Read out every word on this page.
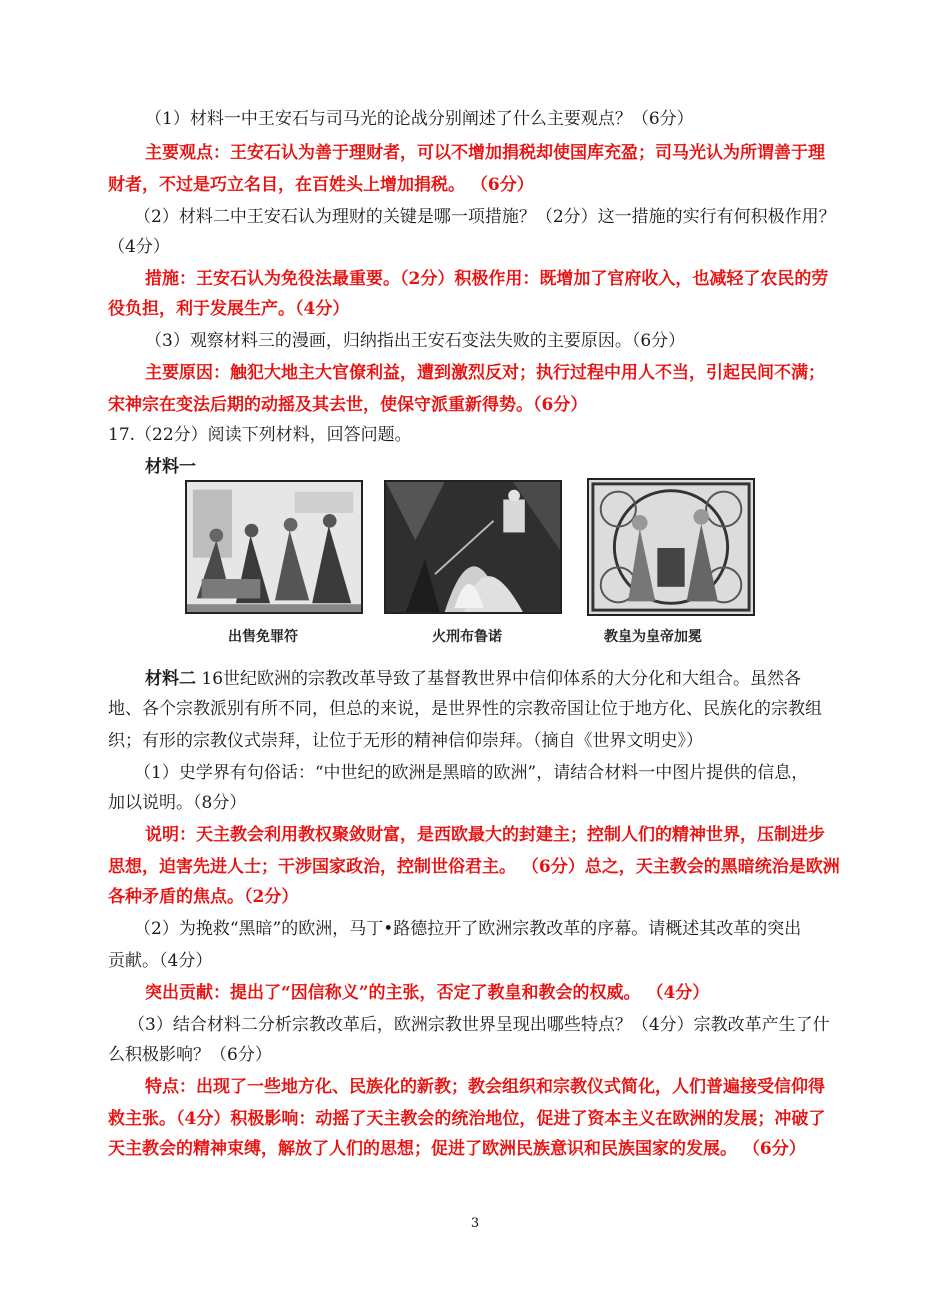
（1）材料一中王安石与司马光的论战分别阐述了什么主要观点？（6分）
主要观点：王安石认为善于理财者，可以不增加捐税却使国库充盈；司马光认为所谓善于理
财者，不过是巧立名目，在百姓头上增加捐税。 （6分）
（2）材料二中王安石认为理财的关键是哪一项措施？（2分）这一措施的实行有何积极作用？
（4分）
措施：王安石认为免役法最重要。（2分）积极作用：既增加了官府收入，也减轻了农民的劳
役负担，利于发展生产。（4分）
（3）观察材料三的漫画，归纳指出王安石变法失败的主要原因。（6分）
主要原因：触犯大地主大官僚利益，遭到激烈反对；执行过程中用人不当，引起民间不满；
宋神宗在变法后期的动摇及其去世，使保守派重新得势。（6分）
17.（22分）阅读下列材料，回答问题。
材料一
出售免罪符	火刑布鲁诺	教皇为皇帝加冕
材料二 16世纪欧洲的宗教改革导致了基督教世界中信仰体系的大分化和大组合。虽然各
地、各个宗教派别有所不同，但总的来说，是世界性的宗教帝国让位于地方化、民族化的宗教组
织；有形的宗教仪式崇拜，让位于无形的精神信仰崇拜。（摘自《世界文明史》）
（1）史学界有句俗话：“中世纪的欧洲是黑暗的欧洲”，请结合材料一中图片提供的信息，
加以说明。（8分）
说明：天主教会利用教权聚敛财富，是西欧最大的封建主；控制人们的精神世界，压制进步
思想，迫害先进人士；干涉国家政治，控制世俗君主。 （6分）总之，天主教会的黑暗统治是欧洲
各种矛盾的焦点。（2分）
（2）为挽救“黑暗”的欧洲，马丁•路德拉开了欧洲宗教改革的序幕。请概述其改革的突出
贡献。（4分）
突出贡献：提出了“因信称义”的主张，否定了教皇和教会的权威。 （4分）
（3）结合材料二分析宗教改革后，欧洲宗教世界呈现出哪些特点？（4分）宗教改革产生了什
么积极影响？（6分）
特点：出现了一些地方化、民族化的新教；教会组织和宗教仪式简化，人们普遍接受信仰得
救主张。（4分）积极影响：动摇了天主教会的统治地位，促进了资本主义在欧洲的发展；冲破了
天主教会的精神束缚，解放了人们的思想；促进了欧洲民族意识和民族国家的发展。 （6分）
3
